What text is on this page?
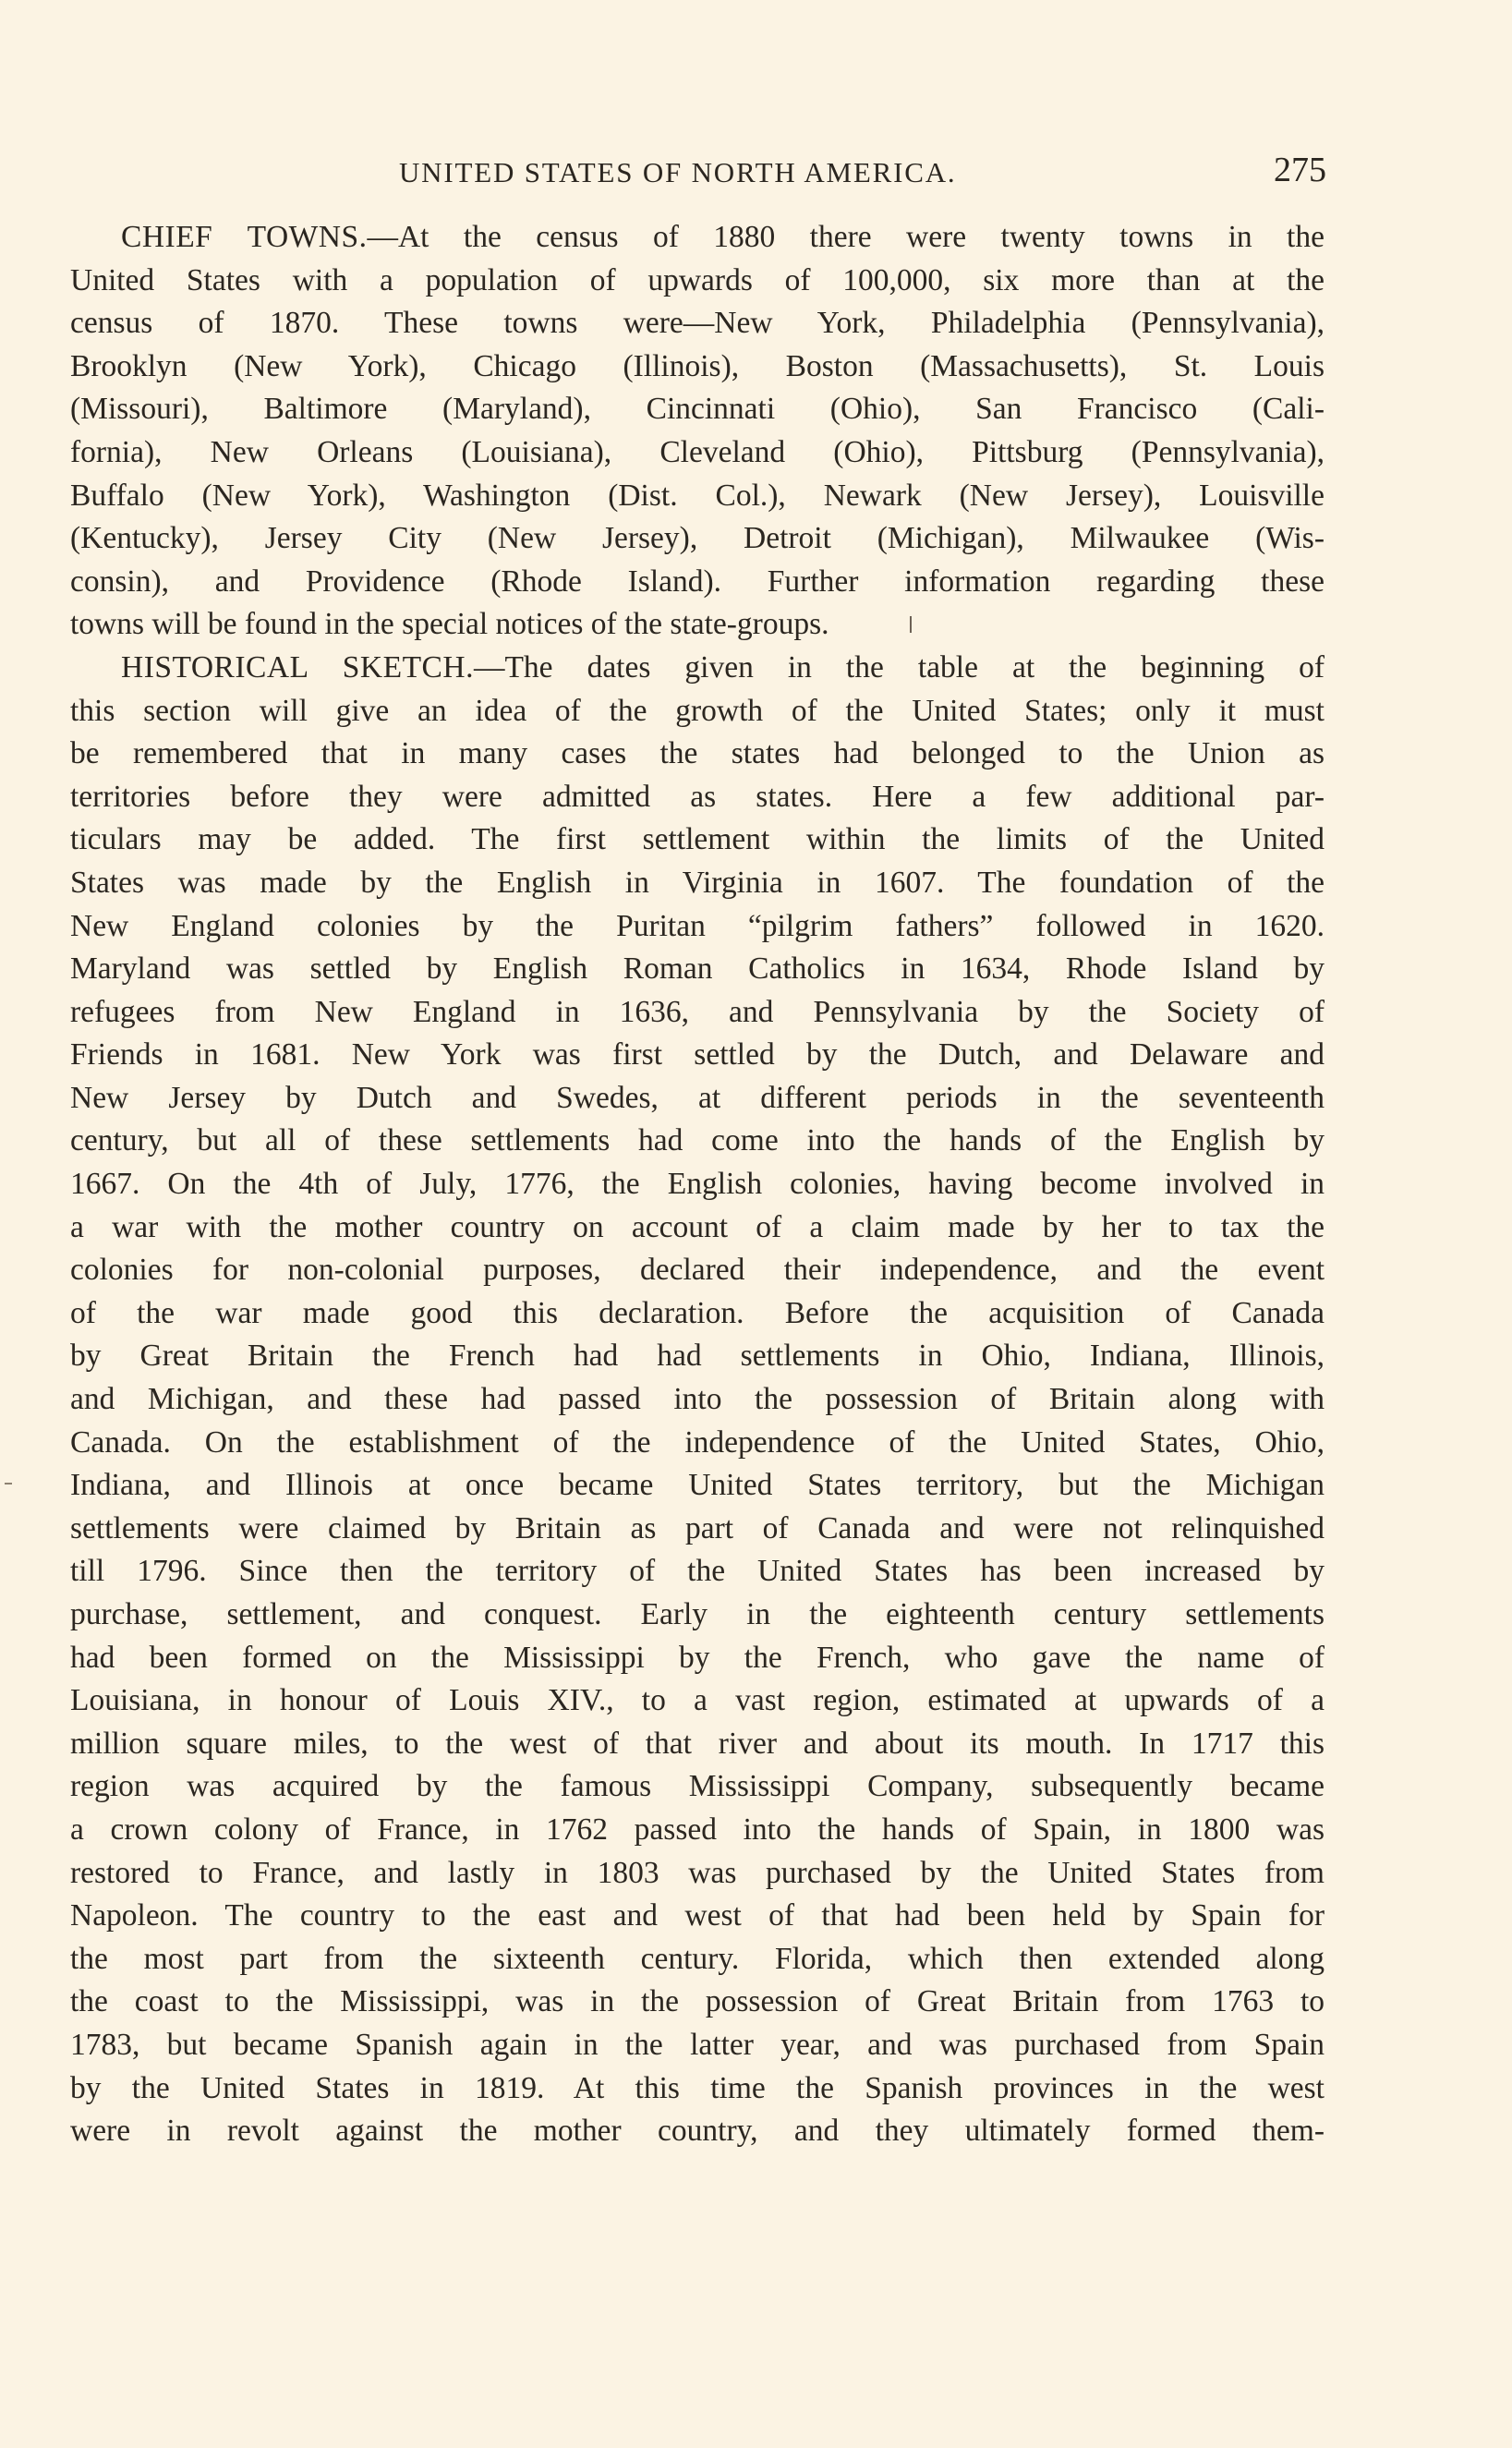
UNITED STATES OF NORTH AMERICA.	275
CHIEF TOWNS.—At the census of 1880 there were twenty towns in the
United States with a population of upwards of 100,000, six more than at the
census of 1870. These towns were—New York, Philadelphia (Pennsylvania),
Brooklyn (New York), Chicago (Illinois), Boston (Massachusetts), St. Louis
(Missouri), Baltimore (Maryland), Cincinnati (Ohio), San Francisco (Cali-
fornia), New Orleans (Louisiana), Cleveland (Ohio), Pittsburg (Pennsylvania),
Buffalo (New York), Washington (Dist. Col.), Newark (New Jersey), Louisville
(Kentucky), Jersey City (New Jersey), Detroit (Michigan), Milwaukee (Wis-
consin), and Providence (Rhode Island). Further information regarding these
towns will be found in the special notices of the state-groups.
HISTORICAL SKETCH.—The dates given in the table at the beginning of
this section will give an idea of the growth of the United States; only it must
be remembered that in many cases the states had belonged to the Union as
territories before they were admitted as states. Here a few additional par-
ticulars may be added. The first settlement within the limits of the United
States was made by the English in Virginia in 1607. The foundation of the
New England colonies by the Puritan “pilgrim fathers” followed in 1620.
Maryland was settled by English Roman Catholics in 1634, Rhode Island by
refugees from New England in 1636, and Pennsylvania by the Society of
Friends in 1681. New York was first settled by the Dutch, and Delaware and
New Jersey by Dutch and Swedes, at different periods in the seventeenth
century, but all of these settlements had come into the hands of the English by
1667. On the 4th of July, 1776, the English colonies, having become involved in
a war with the mother country on account of a claim made by her to tax the
colonies for non-colonial purposes, declared their independence, and the event
of the war made good this declaration. Before the acquisition of Canada
by Great Britain the French had had settlements in Ohio, Indiana, Illinois,
and Michigan, and these had passed into the possession of Britain along with
Canada. On the establishment of the independence of the United States, Ohio,
Indiana, and Illinois at once became United States territory, but the Michigan
settlements were claimed by Britain as part of Canada and were not relinquished
till 1796. Since then the territory of the United States has been increased by
purchase, settlement, and conquest. Early in the eighteenth century settlements
had been formed on the Mississippi by the French, who gave the name of
Louisiana, in honour of Louis XIV., to a vast region, estimated at upwards of a
million square miles, to the west of that river and about its mouth. In 1717 this
region was acquired by the famous Mississippi Company, subsequently became
a crown colony of France, in 1762 passed into the hands of Spain, in 1800 was
restored to France, and lastly in 1803 was purchased by the United States from
Napoleon. The country to the east and west of that had been held by Spain for
the most part from the sixteenth century. Florida, which then extended along
the coast to the Mississippi, was in the possession of Great Britain from 1763 to
1783, but became Spanish again in the latter year, and was purchased from Spain
by the United States in 1819. At this time the Spanish provinces in the west
were in revolt against the mother country, and they ultimately formed them-
